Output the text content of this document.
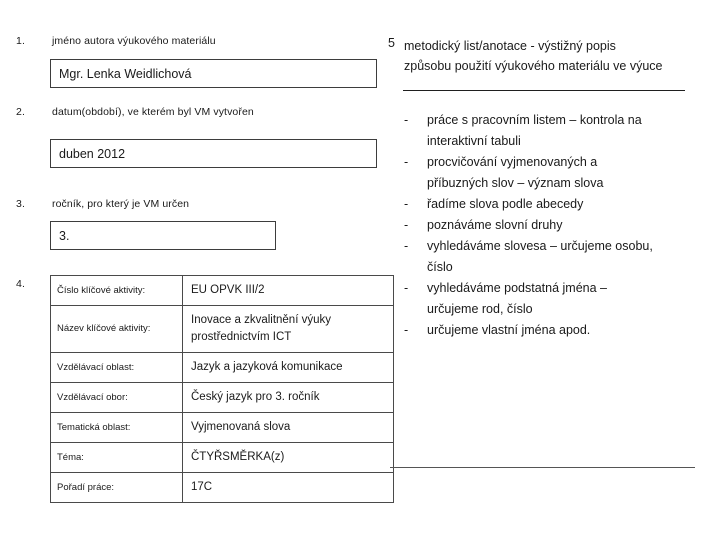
1.	jméno autora výukového materiálu
Mgr. Lenka Weidlichová
2.	datum(období), ve kterém byl VM vytvořen
duben 2012
3.	ročník, pro který je VM určen
3.
4.
Číslo klíčové aktivity:	EU OPVK III/2
Název klíčové aktivity:	Inovace a zkvalitnění výuky
prostřednictvím ICT

Vzdělávací oblast:	Jazyk a jazyková komunikace
Vzdělávací obor:	Český jazyk pro 3. ročník
Tematická oblast:	Vyjmenovaná slova
Téma:	ČTYŘSMĚRKA(z)
Pořadí práce:	17C
5 metodický list/anotace - výstižný popis
způsobu použití výukového materiálu ve výuce
- práce s pracovním listem – kontrola na
interaktivní tabuli
- procvičování vyjmenovaných a
příbuzných slov – význam slova
- řadíme slova podle abecedy
- poznáváme slovní druhy
- vyhledáváme slovesa – určujeme osobu,
číslo
- vyhledáváme podstatná jména –
určujeme rod, číslo
- určujeme vlastní jména apod.
